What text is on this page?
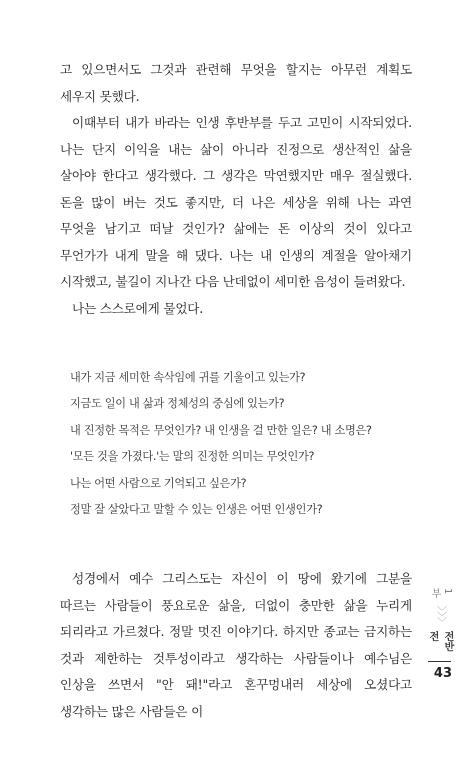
고 있으면서도 그것과 관련해 무엇을 할지는 아무런 계획도 세우지 못했다.

이때부터 내가 바라는 인생 후반부를 두고 고민이 시작되었다. 나는 단지 이익을 내는 삶이 아니라 진정으로 생산적인 삶을 살아야 한다고 생각했다. 그 생각은 막연했지만 매우 절실했다. 돈을 많이 버는 것도 좋지만, 더 나은 세상을 위해 나는 과연 무엇을 남기고 떠날 것인가? 삶에는 돈 이상의 것이 있다고 무언가가 내게 말을 해 댔다. 나는 내 인생의 계절을 알아채기 시작했고, 불길이 지나간 다음 난데없이 세미한 음성이 들려왔다.

나는 스스로에게 물었다.

내가 지금 세미한 속삭임에 귀를 기울이고 있는가?

지금도 일이 내 삶과 정체성의 중심에 있는가?

내 진정한 목적은 무엇인가? 내 인생을 걸 만한 일은? 내 소명은?

'모든 것을 가졌다.'는 말의 진정한 의미는 무엇인가?

나는 어떤 사람으로 기억되고 싶은가?

정말 잘 살았다고 말할 수 있는 인생은 어떤 인생인가?

성경에서 예수 그리스도는 자신이 이 땅에 왔기에 그분을 따르는 사람들이 풍요로운 삶을, 더없이 충만한 삶을 누리게 되리라고 가르쳤다. 정말 멋진 이야기다. 하지만 종교는 금지하는 것과 제한하는 것투성이라고 생각하는 사람들이나 예수님은 인상을 쓰면서 "안 돼!"라고 혼꾸멍내러 세상에 오셨다고 생각하는 많은 사람들은 이

1부
〉〉〉
전반전
43
